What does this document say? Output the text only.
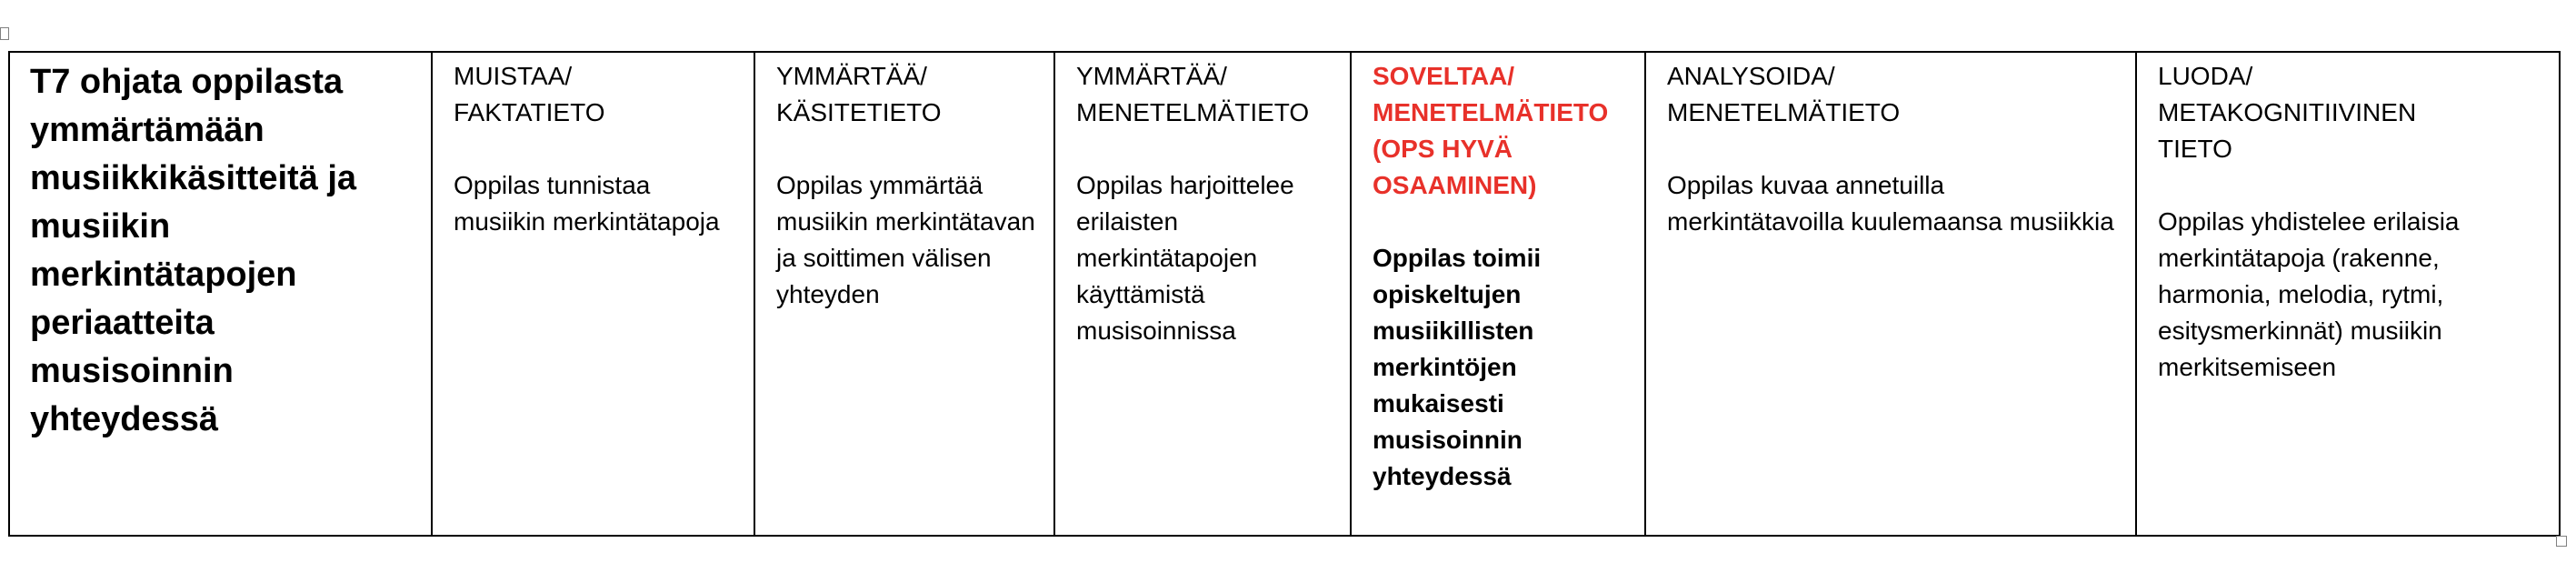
T7 ohjata oppilasta ymmärtämään musiikkikäsitteitä ja musiikin merkintätapojen periaatteita musisoinnin yhteydessä	
MUISTAA/
FAKTATIETO
Oppilas tunnistaa musiikin merkintätapoja

YMMÄRTÄÄ/
KÄSITETIETO
Oppilas ymmärtää musiikin merkintätavan ja soittimen välisen yhteyden

YMMÄRTÄÄ/
MENETELMÄTIETO
Oppilas harjoittelee erilaisten merkintätapojen käyttämistä musisoinnissa

SOVELTAA/
MENETELMÄTIETO
(OPS HYVÄ
OSAAMINEN)
Oppilas toimii opiskeltujen musiikillisten merkintöjen mukaisesti musisoinnin yhteydessä

ANALYSOIDA/
MENETELMÄTIETO
Oppilas kuvaa annetuilla merkintätavoilla kuulemaansa musiikkia

LUODA/
METAKOGNITIIVINEN
TIETO
Oppilas yhdistelee erilaisia merkintätapoja (rakenne, harmonia, melodia, rytmi, esitysmerkinnät) musiikin merkitsemiseen
